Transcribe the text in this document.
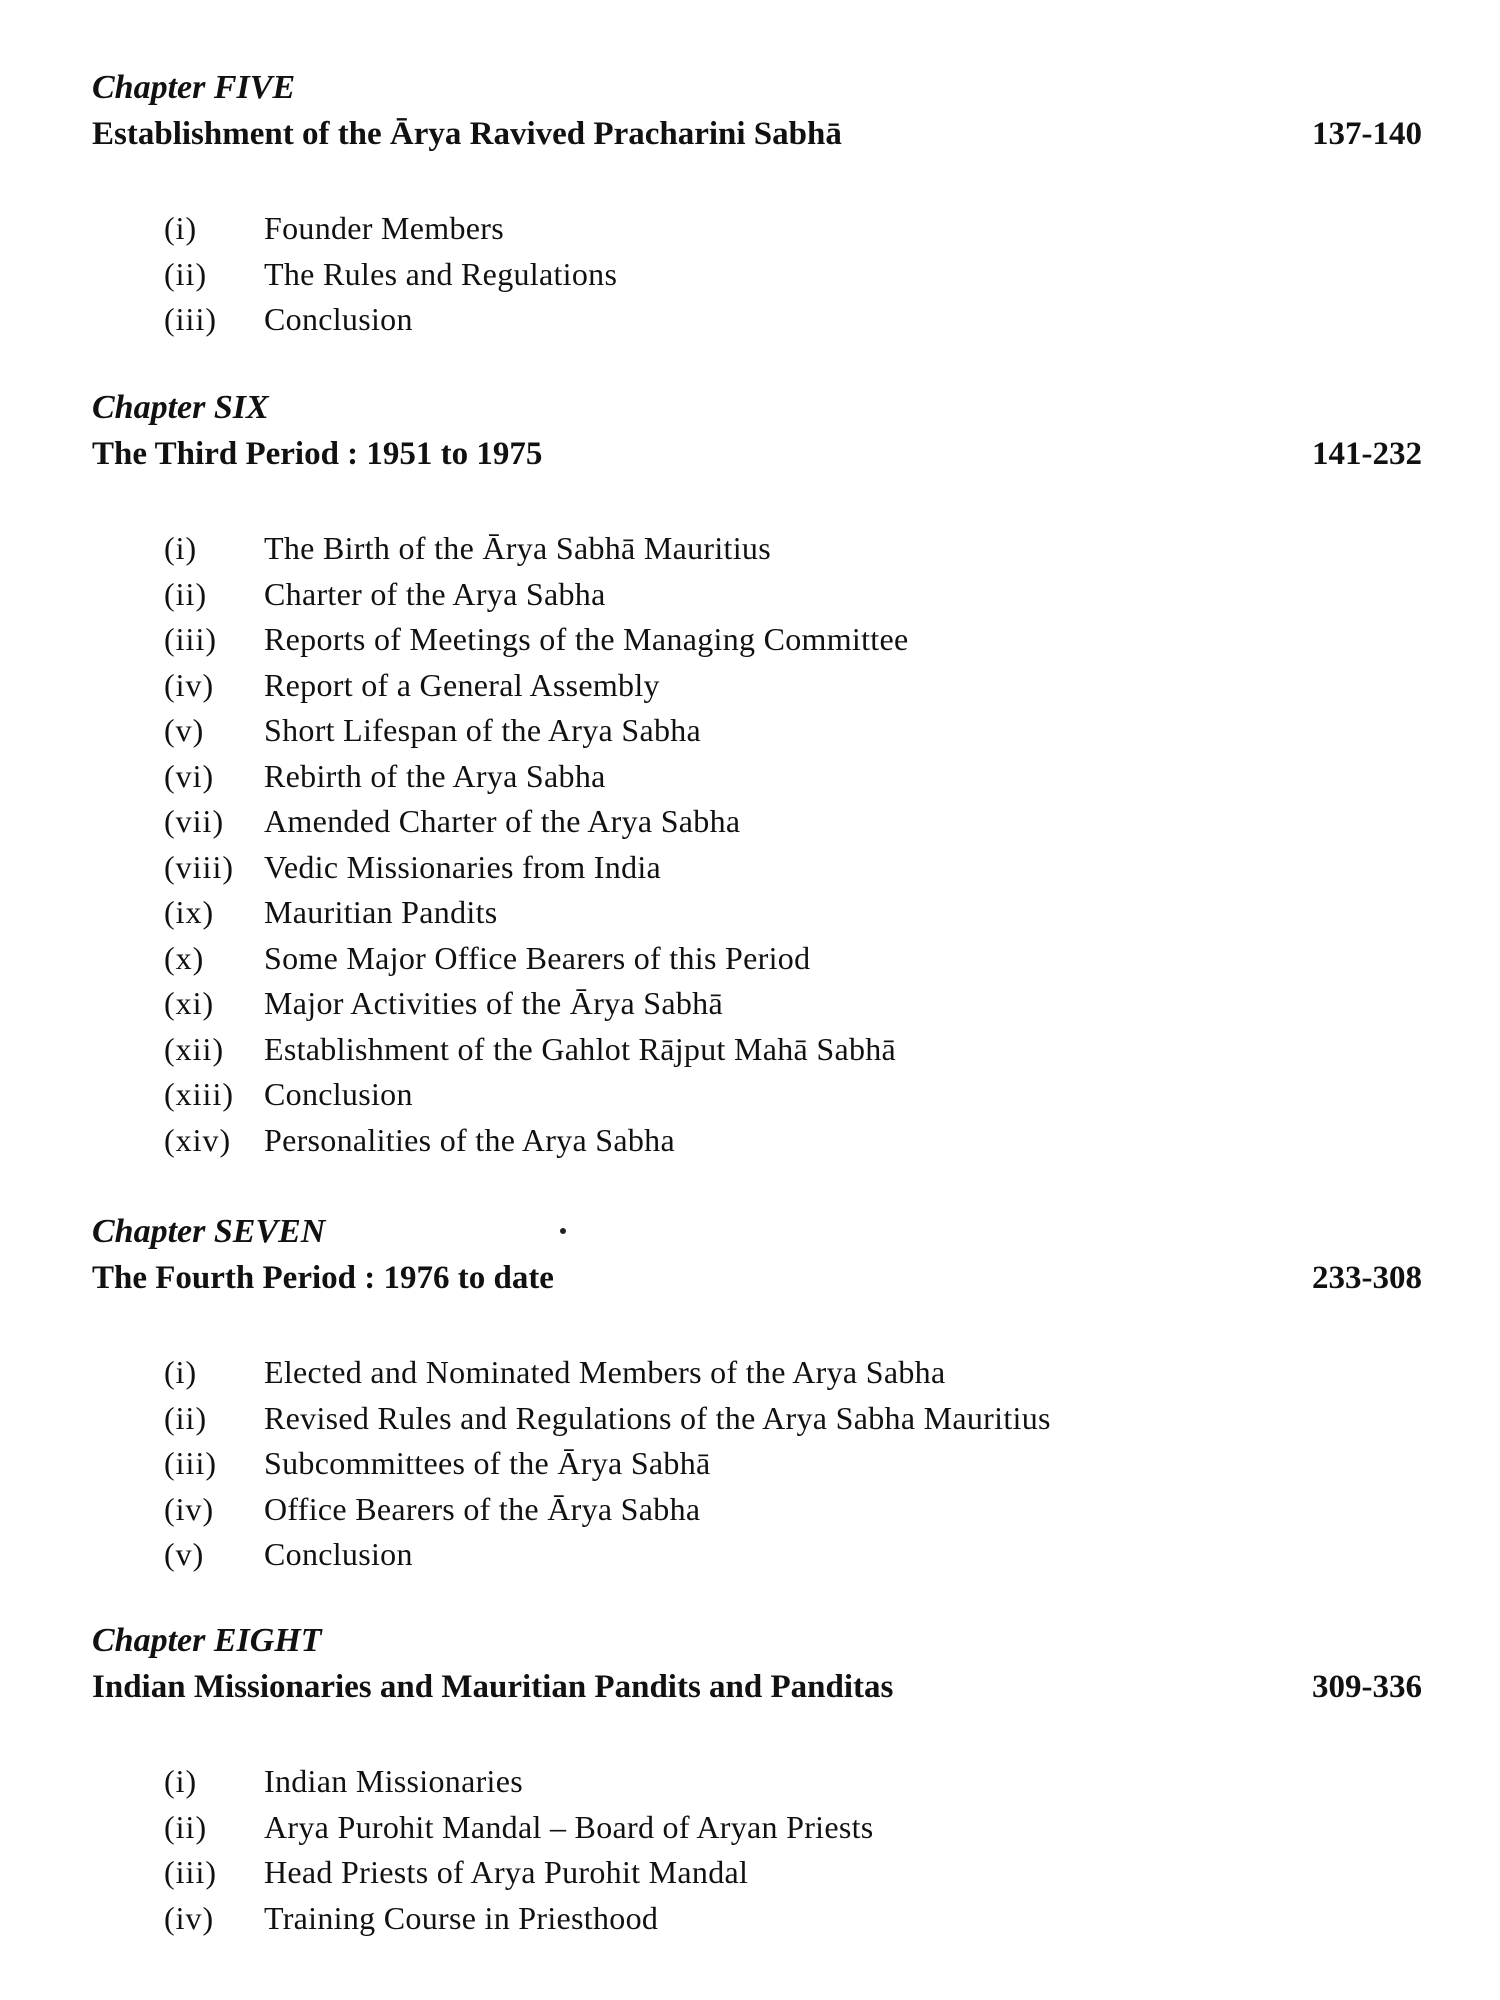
Chapter FIVE
Establishment of the Ārya Ravived Pracharini Sabhā	137-140
(i) Founder Members
(ii) The Rules and Regulations
(iii) Conclusion
Chapter SIX
The Third Period : 1951 to 1975	141-232
(i) The Birth of the Ārya Sabhā Mauritius
(ii) Charter of the Arya Sabha
(iii) Reports of Meetings of the Managing Committee
(iv) Report of a General Assembly
(v) Short Lifespan of the Arya Sabha
(vi) Rebirth of the Arya Sabha
(vii) Amended Charter of the Arya Sabha
(viii) Vedic Missionaries from India
(ix) Mauritian Pandits
(x) Some Major Office Bearers of this Period
(xi) Major Activities of the Ārya Sabhā
(xii) Establishment of the Gahlot Rājput Mahā Sabhā
(xiii) Conclusion
(xiv) Personalities of the Arya Sabha
Chapter SEVEN
The Fourth Period : 1976 to date	233-308
(i) Elected and Nominated Members of the Arya Sabha
(ii) Revised Rules and Regulations of the Arya Sabha Mauritius
(iii) Subcommittees of the Ārya Sabhā
(iv) Office Bearers of the Ārya Sabha
(v) Conclusion
Chapter EIGHT
Indian Missionaries and Mauritian Pandits and Panditas	309-336
(i) Indian Missionaries
(ii) Arya Purohit Mandal – Board of Aryan Priests
(iii) Head Priests of Arya Purohit Mandal
(iv) Training Course in Priesthood
